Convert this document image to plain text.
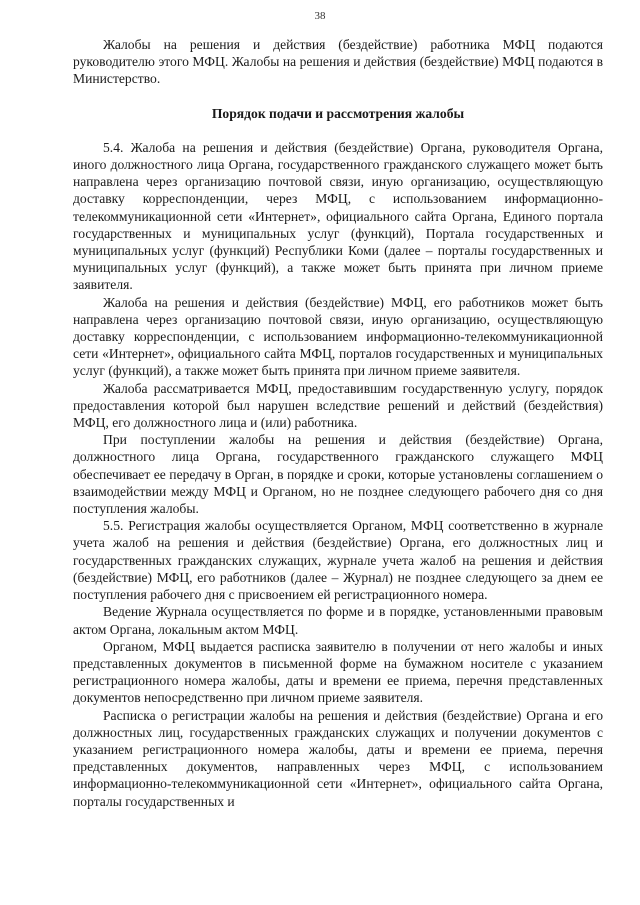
38

Жалобы на решения и действия (бездействие) работника МФЦ подаются руководителю этого МФЦ. Жалобы на решения и действия (бездействие) МФЦ подаются в Министерство.

Порядок подачи и рассмотрения жалобы

5.4. Жалоба на решения и действия (бездействие) Органа, руководителя Органа, иного должностного лица Органа, государственного гражданского служащего может быть направлена через организацию почтовой связи, иную организацию, осуществляющую доставку корреспонденции, через МФЦ, с использованием информационно-телекоммуникационной сети «Интернет», официального сайта Органа, Единого портала государственных и муниципальных услуг (функций), Портала государственных и муниципальных услуг (функций) Республики Коми (далее – порталы государственных и муниципальных услуг (функций), а также может быть принята при личном приеме заявителя.

Жалоба на решения и действия (бездействие) МФЦ, его работников может быть направлена через организацию почтовой связи, иную организацию, осуществляющую доставку корреспонденции, с использованием информационно-телекоммуникационной сети «Интернет», официального сайта МФЦ, порталов государственных и муниципальных услуг (функций), а также может быть принята при личном приеме заявителя.

Жалоба рассматривается МФЦ, предоставившим государственную услугу, порядок предоставления которой был нарушен вследствие решений и действий (бездействия) МФЦ, его должностного лица и (или) работника.

При поступлении жалобы на решения и действия (бездействие) Органа, должностного лица Органа, государственного гражданского служащего МФЦ обеспечивает ее передачу в Орган, в порядке и сроки, которые установлены соглашением о взаимодействии между МФЦ и Органом, но не позднее следующего рабочего дня со дня поступления жалобы.

5.5. Регистрация жалобы осуществляется Органом, МФЦ соответственно в журнале учета жалоб на решения и действия (бездействие) Органа, его должностных лиц и государственных гражданских служащих, журнале учета жалоб на решения и действия (бездействие) МФЦ, его работников (далее – Журнал) не позднее следующего за днем ее поступления рабочего дня с присвоением ей регистрационного номера.

Ведение Журнала осуществляется по форме и в порядке, установленными правовым актом Органа, локальным актом МФЦ.

Органом, МФЦ выдается расписка заявителю в получении от него жалобы и иных представленных документов в письменной форме на бумажном носителе с указанием регистрационного номера жалобы, даты и времени ее приема, перечня представленных документов непосредственно при личном приеме заявителя.

Расписка о регистрации жалобы на решения и действия (бездействие) Органа и его должностных лиц, государственных гражданских служащих и получении документов с указанием регистрационного номера жалобы, даты и времени ее приема, перечня представленных документов, направленных через МФЦ, с использованием информационно-телекоммуникационной сети «Интернет», официального сайта Органа, порталы государственных и
